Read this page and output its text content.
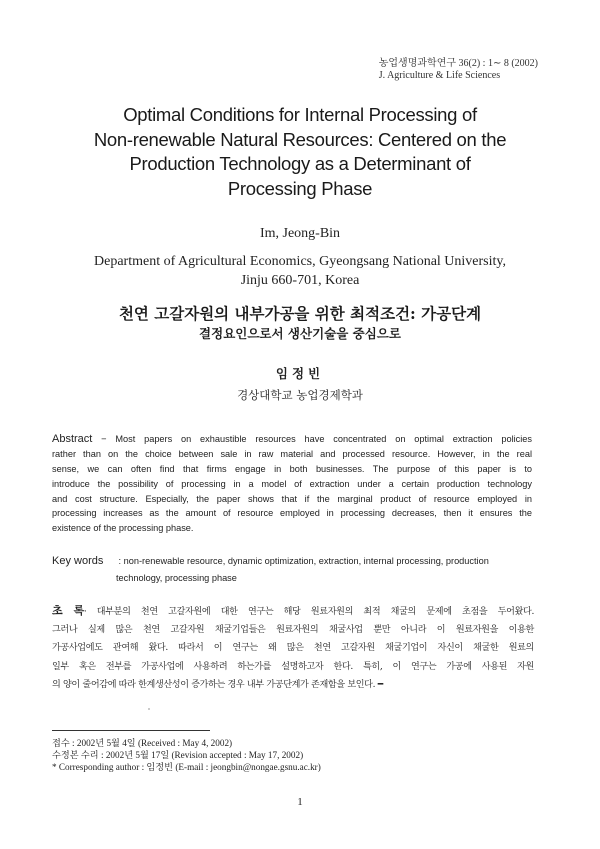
농업생명과학연구 36(2) : 1∼ 8 (2002)
J. Agriculture & Life Sciences
Optimal Conditions for Internal Processing of
Non-renewable Natural Resources: Centered on the
Production Technology as a Determinant of
Processing Phase
Im, Jeong-Bin
Department of Agricultural Economics, Gyeongsang National University,
Jinju 660-701, Korea
천연 고갈자원의 내부가공을 위한 최적조건: 가공단계
결정요인으로서 생산기술을 중심으로
임정빈
경상대학교 농업경제학과
Abstract − Most papers on exhaustible resources have concentrated on optimal extraction policies
rather than on the choice between sale in raw material and processed resource. However, in the real
sense, we can often find that firms engage in both businesses. The purpose of this paper is to
introduce the possibility of processing in a model of extraction under a certain production technology
and cost structure. Especially, the paper shows that if the marginal product of resource employed in
processing increases as the amount of resource employed in processing decreases, then it ensures the
existence of the processing phase.
Key words : non-renewable resource, dynamic optimization, extraction, internal processing, production
technology, processing phase
초 록· 대부분의 천연 고갈자원에 대한 연구는 해당 원료자원의 최적 채굴의 문제에 초점을 두어왔다.
그러나 실제 많은 천연 고갈자원 채굴기업들은 원료자원의 채굴사업 뿐만 아니라 이 원료자원을 이용한
가공사업에도 관여해 왔다. 따라서 이 연구는 왜 많은 천연 고갈자원 채굴기업이 자신이 채굴한 원료의
일부 혹은 전부를 가공사업에 사용하려 하는가를 설명하고자 한다. 특히, 이 연구는 가공에 사용된 자원
의 양이 줄어감에 따라 한계생산성이 증가하는 경우 내부 가공단계가 존재함을 보인다. ━
접수 : 2002년 5월 4일 (Received : May 4, 2002)
수정본 수리 : 2002년 5월 17일 (Revision accepted : May 17, 2002)
* Corresponding author : 임정빈 (E-mail : jeongbin@nongae.gsnu.ac.kr)
1
